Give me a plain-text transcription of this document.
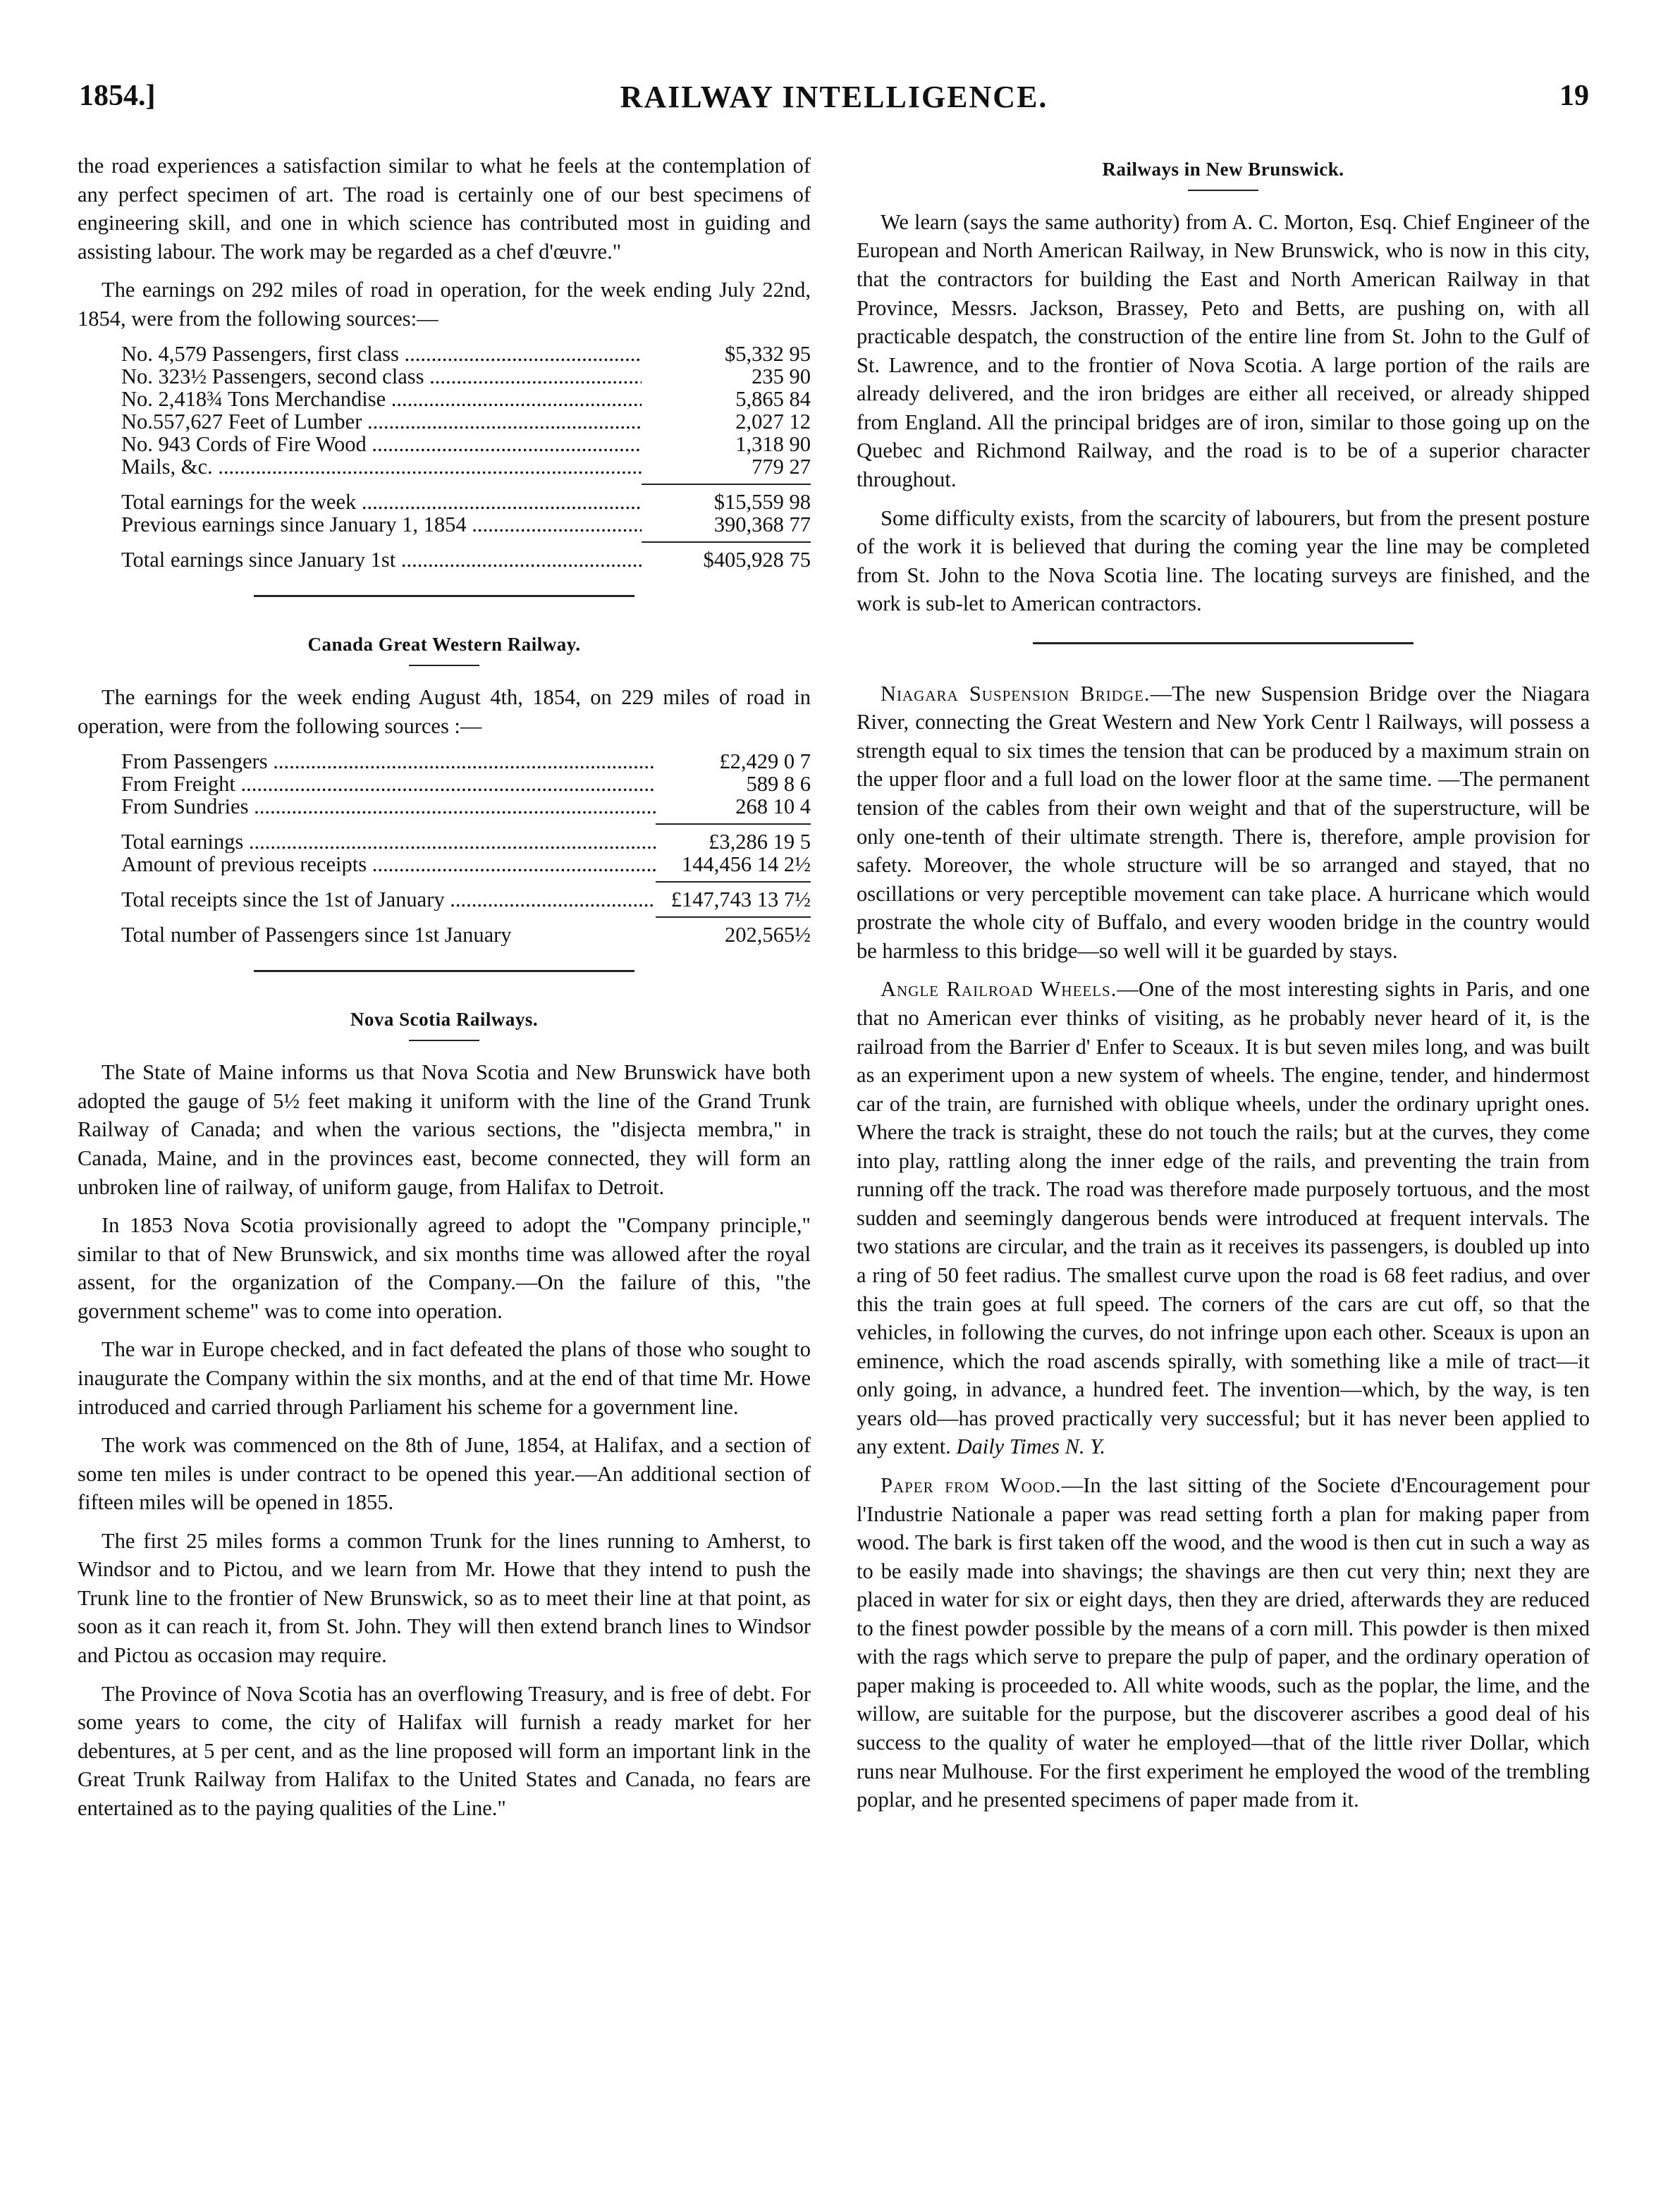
1854.]	RAILWAY INTELLIGENCE.	19

the road experiences a satisfaction similar to what he feels at the contemplation of any perfect specimen of art. The road is certainly one of our best specimens of engineering skill, and one in which science has contributed most in guiding and assisting labour. The work may be regarded as a chef d'œuvre."

The earnings on 292 miles of road in operation, for the week ending July 22nd, 1854, were from the following sources:—

No. 4,579 Passengers, first class .....	$5,332 95
No. 323½ Passengers, second class .....	235 90
No. 2,418¾ Tons Merchandise .....	5,865 84
No.557,627 Feet of Lumber .....	2,027 12
No. 943 Cords of Fire Wood .....	1,318 90
Mails, &c. .....	779 27
Total earnings for the week .....	$15,559 98
Previous earnings since January 1, 1854 .....	390,368 77
Total earnings since January 1st .....	$405,928 75
Canada Great Western Railway.

The earnings for the week ending August 4th, 1854, on 229 miles of road in operation, were from the following sources :—

From Passengers .....	£2,429 0 7
From Freight .....	589 8 6
From Sundries .....	268 10 4
Total earnings .....	£3,286 19 5
Amount of previous receipts .....	144,456 14 2½
Total receipts since the 1st of January .....	£147,743 13 7½
Total number of Passengers since 1st January	202,565½
Nova Scotia Railways.

The State of Maine informs us that Nova Scotia and New Brunswick have both adopted the gauge of 5½ feet making it uniform with the line of the Grand Trunk Railway of Canada; and when the various sections, the "disjecta membra," in Canada, Maine, and in the provinces east, become connected, they will form an unbroken line of railway, of uniform gauge, from Halifax to Detroit.

In 1853 Nova Scotia provisionally agreed to adopt the "Company principle," similar to that of New Brunswick, and six months time was allowed after the royal assent, for the organization of the Company.—On the failure of this, "the government scheme" was to come into operation.

The war in Europe checked, and in fact defeated the plans of those who sought to inaugurate the Company within the six months, and at the end of that time Mr. Howe introduced and carried through Parliament his scheme for a government line.

The work was commenced on the 8th of June, 1854, at Halifax, and a section of some ten miles is under contract to be opened this year.—An additional section of fifteen miles will be opened in 1855.

The first 25 miles forms a common Trunk for the lines running to Amherst, to Windsor and to Pictou, and we learn from Mr. Howe that they intend to push the Trunk line to the frontier of New Brunswick, so as to meet their line at that point, as soon as it can reach it, from St. John. They will then extend branch lines to Windsor and Pictou as occasion may require.

The Province of Nova Scotia has an overflowing Treasury, and is free of debt. For some years to come, the city of Halifax will furnish a ready market for her debentures, at 5 per cent, and as the line proposed will form an important link in the Great Trunk Railway from Halifax to the United States and Canada, no fears are entertained as to the paying qualities of the Line."

Railways in New Brunswick.

We learn (says the same authority) from A. C. Morton, Esq. Chief Engineer of the European and North American Railway, in New Brunswick, who is now in this city, that the contractors for building the East and North American Railway in that Province, Messrs. Jackson, Brassey, Peto and Betts, are pushing on, with all practicable despatch, the construction of the entire line from St. John to the Gulf of St. Lawrence, and to the frontier of Nova Scotia. A large portion of the rails are already delivered, and the iron bridges are either all received, or already shipped from England. All the principal bridges are of iron, similar to those going up on the Quebec and Richmond Railway, and the road is to be of a superior character throughout.

Some difficulty exists, from the scarcity of labourers, but from the present posture of the work it is believed that during the coming year the line may be completed from St. John to the Nova Scotia line. The locating surveys are finished, and the work is sub-let to American contractors.

Niagara Suspension Bridge.—The new Suspension Bridge over the Niagara River, connecting the Great Western and New York Centr l Railways, will possess a strength equal to six times the tension that can be produced by a maximum strain on the upper floor and a full load on the lower floor at the same time. —The permanent tension of the cables from their own weight and that of the superstructure, will be only one-tenth of their ultimate strength. There is, therefore, ample provision for safety. Moreover, the whole structure will be so arranged and stayed, that no oscillations or very perceptible movement can take place. A hurricane which would prostrate the whole city of Buffalo, and every wooden bridge in the country would be harmless to this bridge—so well will it be guarded by stays.

Angle Railroad Wheels.—One of the most interesting sights in Paris, and one that no American ever thinks of visiting, as he probably never heard of it, is the railroad from the Barrier d' Enfer to Sceaux. It is but seven miles long, and was built as an experiment upon a new system of wheels. The engine, tender, and hindermost car of the train, are furnished with oblique wheels, under the ordinary upright ones. Where the track is straight, these do not touch the rails; but at the curves, they come into play, rattling along the inner edge of the rails, and preventing the train from running off the track. The road was therefore made purposely tortuous, and the most sudden and seemingly dangerous bends were introduced at frequent intervals. The two stations are circular, and the train as it receives its passengers, is doubled up into a ring of 50 feet radius. The smallest curve upon the road is 68 feet radius, and over this the train goes at full speed. The corners of the cars are cut off, so that the vehicles, in following the curves, do not infringe upon each other. Sceaux is upon an eminence, which the road ascends spirally, with something like a mile of tract—it only going, in advance, a hundred feet. The invention—which, by the way, is ten years old—has proved practically very successful; but it has never been applied to any extent. Daily Times N. Y.

Paper from Wood.—In the last sitting of the Societe d'Encouragement pour l'Industrie Nationale a paper was read setting forth a plan for making paper from wood. The bark is first taken off the wood, and the wood is then cut in such a way as to be easily made into shavings; the shavings are then cut very thin; next they are placed in water for six or eight days, then they are dried, afterwards they are reduced to the finest powder possible by the means of a corn mill. This powder is then mixed with the rags which serve to prepare the pulp of paper, and the ordinary operation of paper making is proceeded to. All white woods, such as the poplar, the lime, and the willow, are suitable for the purpose, but the discoverer ascribes a good deal of his success to the quality of water he employed—that of the little river Dollar, which runs near Mulhouse. For the first experiment he employed the wood of the trembling poplar, and he presented specimens of paper made from it.
